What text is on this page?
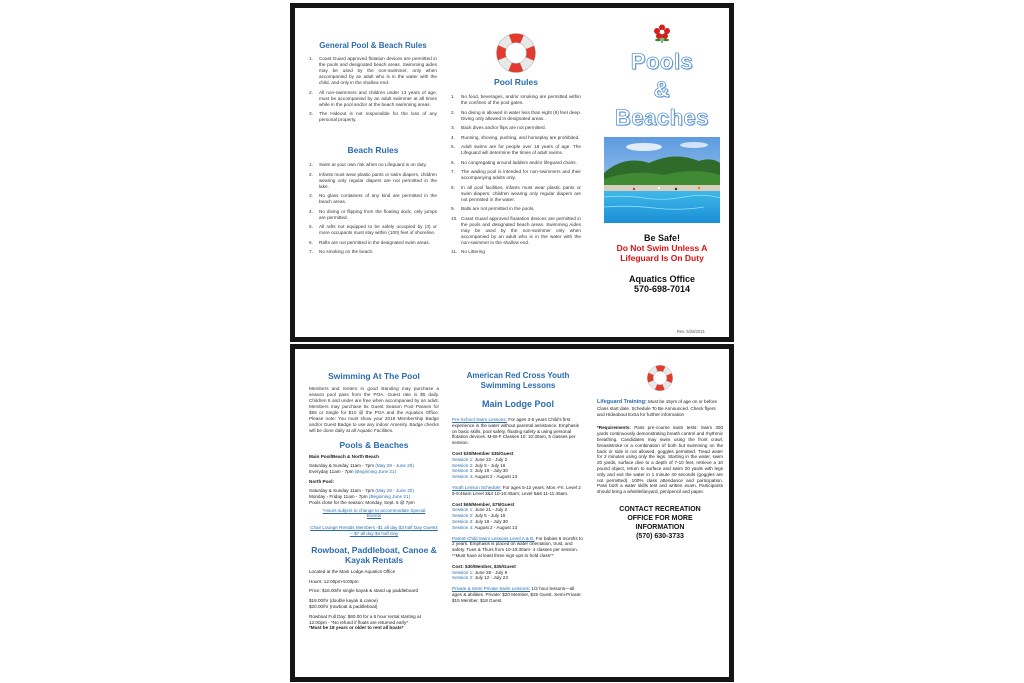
General Pool & Beach Rules
1.	Coast Guard approved flotation devices are permitted in the pools and designated beach areas. Swimming aides may be used by the non-swimmer, only when accompanied by an adult who is in the water with the child, and only in the shallow end.
2.	All non-swimmers and children under 13 years of age, must be accompanied by an adult swimmer at all times while in the pool and/or at the beach swimming areas.
3.	The Hideout is not responsible for the loss of any personal property.
Beach Rules
1.	Swim at your own risk when no Lifeguard is on duty.
2.	Infants must wear plastic pants or swim diapers, children wearing only regular diapers are not permitted in the lake.
3.	No glass containers of any kind are permitted in the beach areas.
4.	No diving or flipping from the floating dock, only jumps are permitted.
5.	All rafts not equipped to be safely occupied by (3) or more occupants must stay within (100) feet of shoreline.
6.	Rafts are not permitted in the designated swim areas.
7.	No smoking on the beach.
Pool Rules
1.	No food, beverages, and/or smoking are permitted within the confines of the pool gates.
2.	No diving is allowed in water less than eight (8) feet deep. Diving only allowed in designated areas.
3.	Back dives and/or flips are not permitted.
4.	Running, shoving, pushing, and horseplay are prohibited.
5.	Adult swims are for people over 18 years of age. The Lifeguard will determine the times of adult swims.
6.	No congregating around ladders and/or lifeguard chairs.
7.	The wading pool is intended for non-swimmers and their accompanying adults only.
8.	In all pool facilities, infants must wear plastic pants or swim diapers; children wearing only regular diapers are not permitted in the water.
9.	Balls are not permitted in the pools.
10. Coast Guard approved floatation devices are permitted in the pools and designated beach areas. Swimming Aides may be used by the non-swimmer only when accompanied by an adult who is in the water with the non-swimmer in the shallow end.
11. No Littering
Pools
&
Beaches
Be Safe!
Do Not Swim Unless A Lifeguard Is On Duty
Aquatics Office
570-698-7014
Rev. 5/28/2021
Swimming At The Pool
Members and renters in good standing may purchase a season pool pass from the POA. Guest rate is $5 daily. Children 6 and under are free when accompanied by an adult. Members may purchase 5x Guest Season Pool Passes for $65 or Single for $10 @ the POA and the Aquatics Office. Please note: You must show your 2018 Membership Badge and/or Guest Badge to use any indoor Amenity. Badge checks will be done daily at all Aquatic Facilities.
Pools & Beaches
Main Pool/Beach & North Beach
Saturday & Sunday 11am - 7pm (May 28 - June 20)
Everyday 11am - 7pm (Beginning June 21)
North Pool:
Saturday & Sunday 11am - 7pm (May 28 - June 20)
Monday - Friday 11am - 7pm (Beginning June 21)
Pools close for the season: Monday, Sept. 5 @ 7pm
*Hours subject to change to accommodate Special Events
Chair Lounge Rentals Members -$1 all day $3 half Day Guests -- $7 all day $4 half Day
Rowboat, Paddleboat, Canoe & Kayak Rentals
Located at the Main Lodge Aquatics Office
Hours: 12:00pm-5:00pm
Price: $16.00/hr single kayak & stand up paddleboard
$18.00/hr (double kayak & canoe)
$20.00/hr (rowboat & paddleboat)
Rowboat Full Day: $60.00 for a 6 hour rental starting at 12:00pm - *No refund if floats are returned early*
*Must be 18 years or older to rent all boats*
American Red Cross Youth Swimming Lessons
Main Lodge Pool
Pre-School Swim Lessons: For ages 3-5 years Child's first experience in the water without parental assistance. Emphasis on basic skills, pool safety, floating safety & using personal flotation devices. M-W-F Classes 10: 10:30am, 5 classes per session.
Cost $30/Member $35/Guest
Session 1: June 22 - July 2
Session 2: July 5 - July 16
Session 3: July 19 - July 30
Session 4: August 2 - August 13
Youth Lesson Schedule: For ages 5-12 years. Mon.-Fri. Level 2 9-9:45am Level 3&4 10-10:45am; Level 5&6 11-11:45am.
Cost $65/Member, $75/Guest
Session 1: June 21 - July 2
Session 2: July 5 - July 16
Session 3: July 19 - July 30
Session 4: August 2 - August 13
Parent-Child Swim Lessons Level A & B: For babies 6 months to 2 years. Emphasis is placed on water orientation, trust, and safety. Tues & Thurs from 10-10:30am- 4 classes per session. **Must have at least three sign-ups to hold class**
Cost: $30/Member, $35/Guest
Session 1: June 28 - July 9
Session 2: July 12 - July 23
Private & Semi Private Swim Lessons: 1/2 hour lessons—all ages & abilities. Private: $20 Member, $25 Guest. Semi-Private: $15 Member, $18 Guest.
Lifeguard Training: Must be 15yrs of age on or before Class start date. Schedule To Be Announced. Check flyers and Hideabout Extra for further information
*Requirements: Pass pre-course swim tests: Swim 300 yards continuously demonstrating breath control and rhythmic breathing. Candidates may swim using the front crawl, breaststroke or a combination of both but swimming on the back or side is not allowed, goggles permitted. Tread water for 2 minutes using only the legs. Starting in the water, swim 20 yards, surface dive to a depth of 7-10 feet, retrieve a 10 pound object, return to surface and swim 20 yards with legs only and exit the water in 1 minute 40 seconds (goggles are not permitted). 100% class attendance and participation. Pass both a water skills test and written exam. Participants should bring a whistle/lanyard, pen/pencil and paper.
CONTACT RECREATION
OFFICE FOR MORE
INFORMATION
(570) 630-3733
